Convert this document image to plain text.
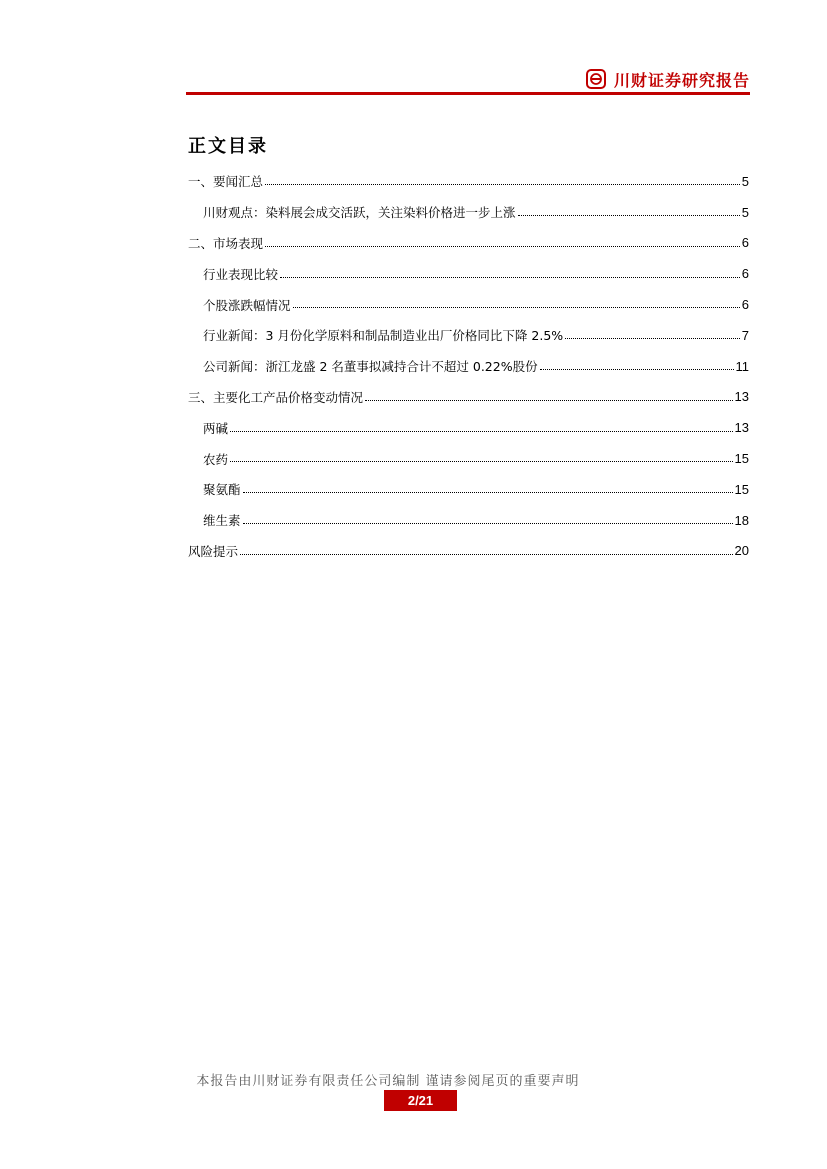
川财证券研究报告
正文目录
一、要闻汇总	5
川财观点：染料展会成交活跃，关注染料价格进一步上涨	5
二、市场表现	6
行业表现比较	6
个股涨跌幅情况	6
行业新闻：3 月份化学原料和制品制造业出厂价格同比下降 2.5%	7
公司新闻：浙江龙盛 2 名董事拟减持合计不超过 0.22%股份	11
三、主要化工产品价格变动情况	13
两碱	13
农药	15
聚氨酯	15
维生素	18
风险提示	20
本报告由川财证券有限责任公司编制 谨请参阅尾页的重要声明
2/21
